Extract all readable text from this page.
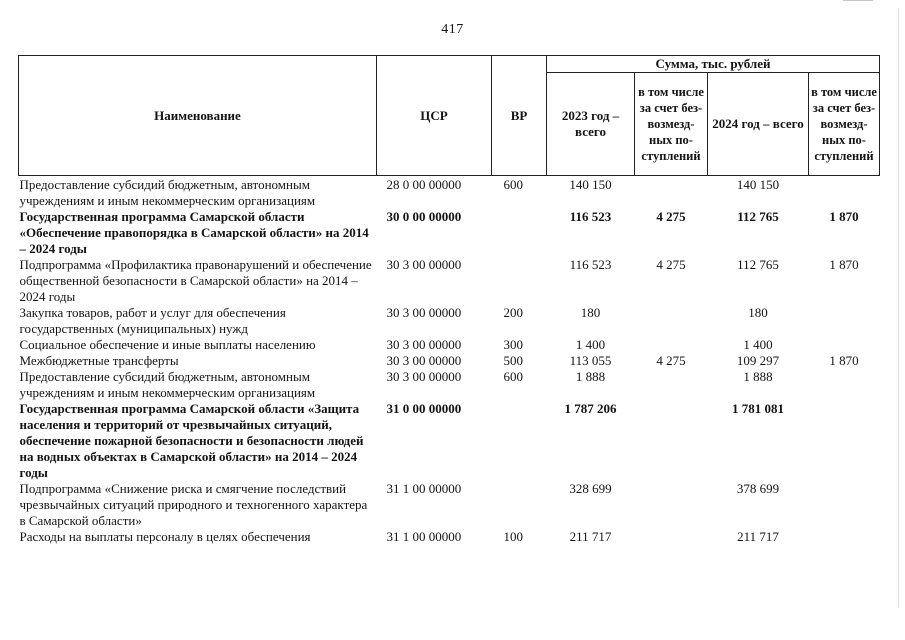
417
Наименование	ЦСР	ВР	Сумма, тыс. рублей			
			2023 год – всего	в том числе за счет без-возмезд-ных по-ступлений	2024 год – всего	в том числе за счет без-возмезд-ных по-ступлений
Предоставление субсидий бюджетным, автономным учреждениям и иным некоммерческим организациям	28 0 00 00000	600	140 150		140 150	
Государственная программа Самарской области «Обеспечение правопорядка в Самарской области» на 2014 – 2024 годы	30 0 00 00000		116 523	4 275	112 765	1 870
Подпрограмма «Профилактика правонарушений и обеспечение общественной безопасности в Самарской области» на 2014 – 2024 годы	30 3 00 00000		116 523	4 275	112 765	1 870
Закупка товаров, работ и услуг для обеспечения государственных (муниципальных) нужд	30 3 00 00000	200	180		180	
Социальное обеспечение и иные выплаты населению	30 3 00 00000	300	1 400		1 400	
Межбюджетные трансферты	30 3 00 00000	500	113 055	4 275	109 297	1 870
Предоставление субсидий бюджетным, автономным учреждениям и иным некоммерческим организациям	30 3 00 00000	600	1 888		1 888	
Государственная программа Самарской области «Защита населения и территорий от чрезвычайных ситуаций, обеспечение пожарной безопасности и безопасности людей на водных объектах в Самарской области» на 2014 – 2024 годы	31 0 00 00000		1 787 206		1 781 081	
Подпрограмма «Снижение риска и смягчение последствий чрезвычайных ситуаций природного и техногенного характера в Самарской области»	31 1 00 00000		328 699		378 699	
Расходы на выплаты персоналу в целях обеспечения	31 1 00 00000	100	211 717		211 717	
